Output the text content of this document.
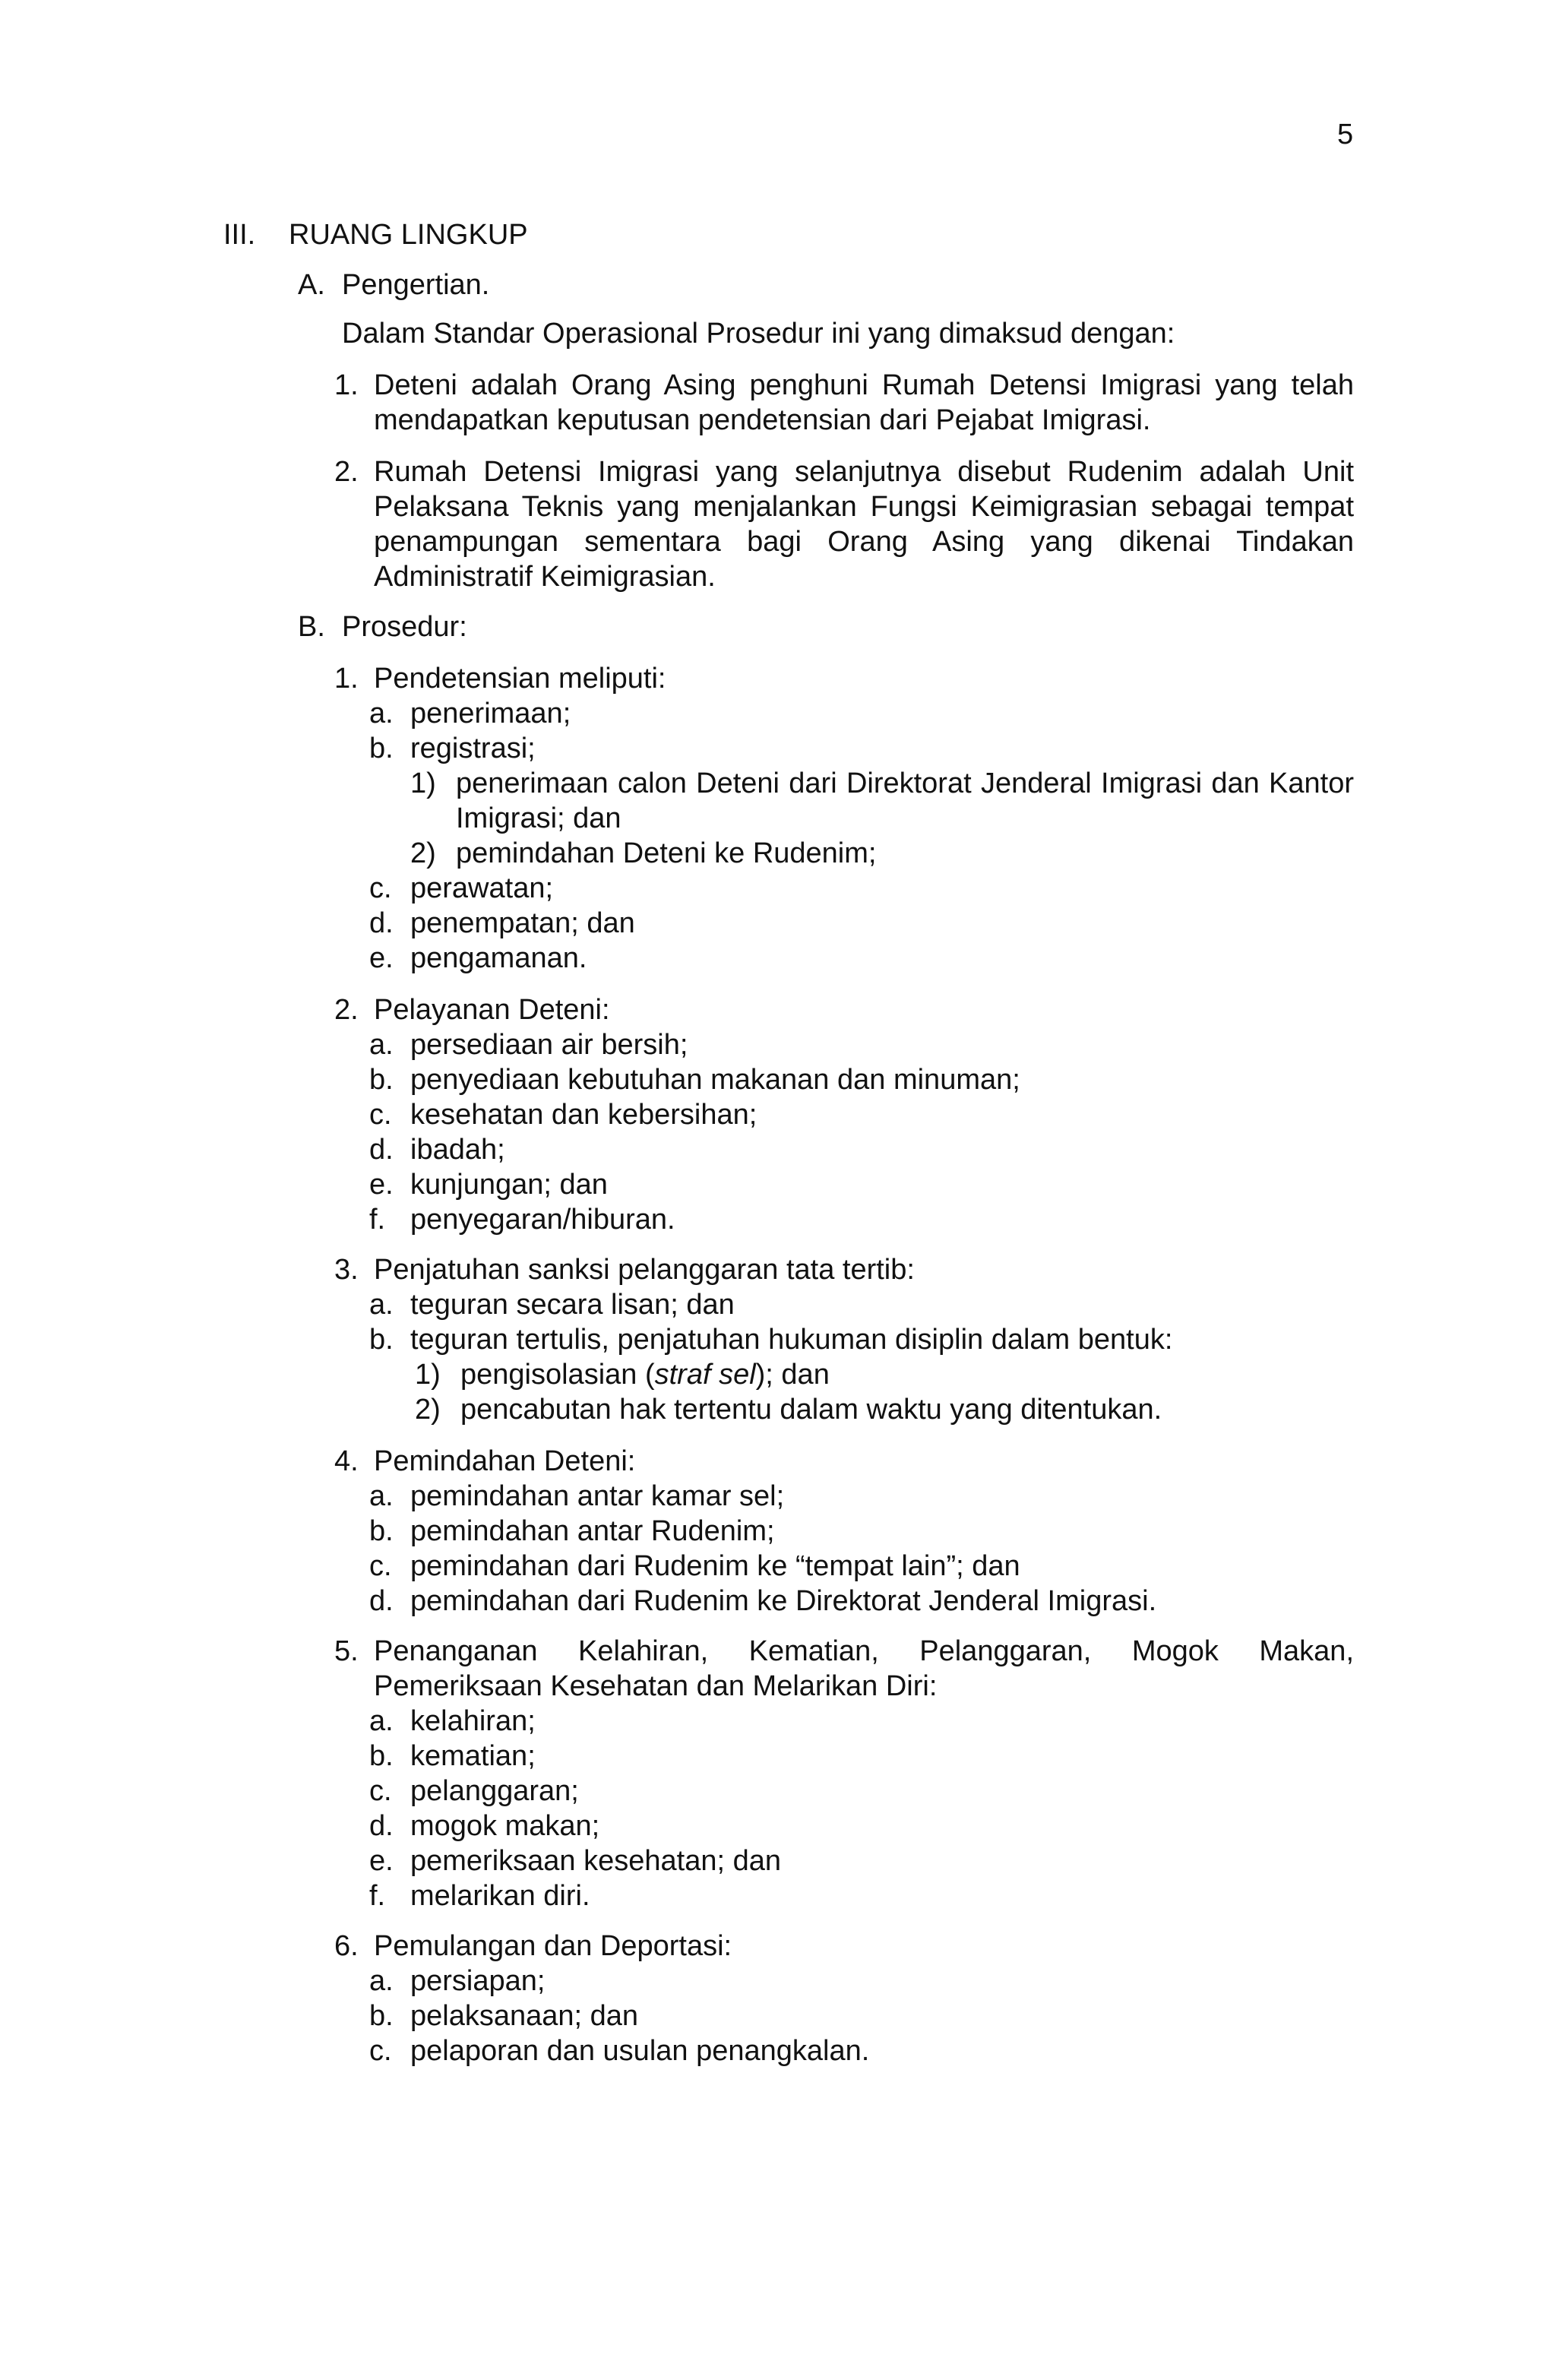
5
III. RUANG LINGKUP
A. Pengertian.
Dalam Standar Operasional Prosedur ini yang dimaksud dengan:
1. Deteni adalah Orang Asing penghuni Rumah Detensi Imigrasi yang telah mendapatkan keputusan pendetensian dari Pejabat Imigrasi.
2. Rumah Detensi Imigrasi yang selanjutnya disebut Rudenim adalah Unit Pelaksana Teknis yang menjalankan Fungsi Keimigrasian sebagai tempat penampungan sementara bagi Orang Asing yang dikenai Tindakan Administratif Keimigrasian.
B. Prosedur:
1. Pendetensian meliputi:
a. penerimaan;
b. registrasi;
1) penerimaan calon Deteni dari Direktorat Jenderal Imigrasi dan Kantor Imigrasi; dan
2) pemindahan Deteni ke Rudenim;
c. perawatan;
d. penempatan; dan
e. pengamanan.
2. Pelayanan Deteni:
a. persediaan air bersih;
b. penyediaan kebutuhan makanan dan minuman;
c. kesehatan dan kebersihan;
d. ibadah;
e. kunjungan; dan
f. penyegaran/hiburan.
3. Penjatuhan sanksi pelanggaran tata tertib:
a. teguran secara lisan; dan
b. teguran tertulis, penjatuhan hukuman disiplin dalam bentuk:
1) pengisolasian (straf sel); dan
2) pencabutan hak tertentu dalam waktu yang ditentukan.
4. Pemindahan Deteni:
a. pemindahan antar kamar sel;
b. pemindahan antar Rudenim;
c. pemindahan dari Rudenim ke “tempat lain”; dan
d. pemindahan dari Rudenim ke Direktorat Jenderal Imigrasi.
5. Penanganan Kelahiran, Kematian, Pelanggaran, Mogok Makan, Pemeriksaan Kesehatan dan Melarikan Diri:
a. kelahiran;
b. kematian;
c. pelanggaran;
d. mogok makan;
e. pemeriksaan kesehatan; dan
f. melarikan diri.
6. Pemulangan dan Deportasi:
a. persiapan;
b. pelaksanaan; dan
c. pelaporan dan usulan penangkalan.
